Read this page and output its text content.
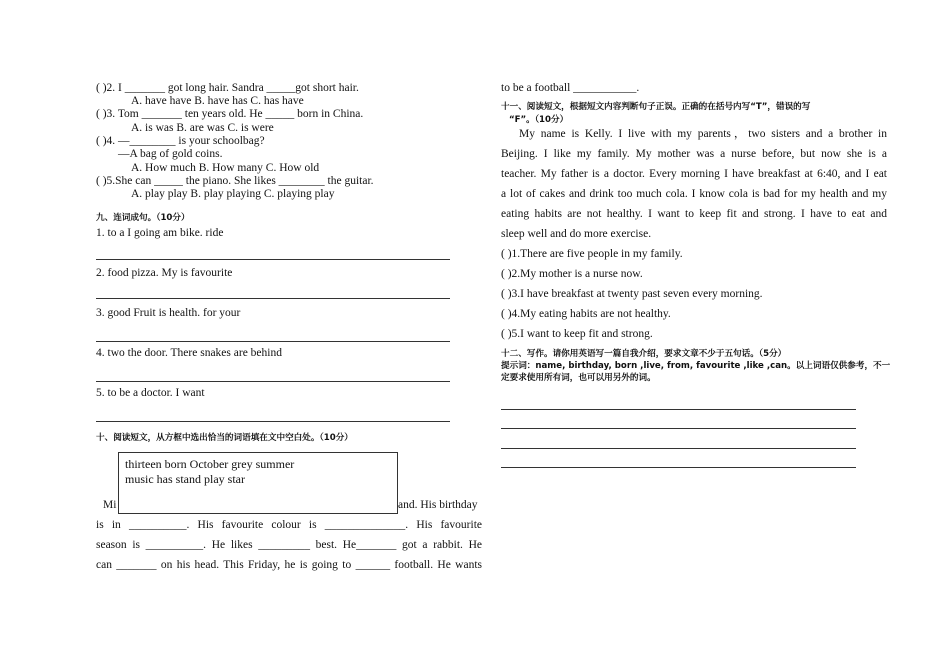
( )2. I _______ got long hair. Sandra _____got short hair.
A. have have B. have has C. has have
( )3. Tom _______ ten years old. He _____ born in China.
A. is was B. are was C. is were
( )4. —________ is your schoolbag?
—A bag of gold coins.
A. How much B. How many C. How old
( )5.She can _____ the piano. She likes ________ the guitar.
A. play play B. play playing C. playing play
九、连词成句。（10分）
1. to a I going am bike. ride
2. food pizza. My is favourite
3. good Fruit is health. for your
4. two the door. There snakes are behind
5. to be a doctor. I want
十、阅读短文，从方框中选出恰当的词语填在文中空白处。（10分）
Mi	and. His birthday
thirteen born October grey summer
music has stand play star
is in __________. His favourite colour is ______________. His favourite
season is __________. He likes _________ best. He_______ got a rabbit. He
can _______ on his head. This Friday, he is going to ______ football. He wants
to be a football ___________.
十一、阅读短文，根据短文内容判断句子正误。正确的在括号内写“T”，错误的写
“F”。（10分）
My name is Kelly. I live with my parents，two sisters and a brother in
Beijing. I like my family. My mother was a nurse before, but now she is a
teacher. My father is a doctor. Every morning I have breakfast at 6:40, and I eat
a lot of cakes and drink too much cola. I know cola is bad for my health and my
eating habits are not healthy. I want to keep fit and strong. I have to eat and
sleep well and do more exercise.
( )1.There are five people in my family.
( )2.My mother is a nurse now.
( )3.I have breakfast at twenty past seven every morning.
( )4.My eating habits are not healthy.
( )5.I want to keep fit and strong.
十二、写作。请你用英语写一篇自我介绍，要求文章不少于五句话。（5分）
提示词：name, birthday, born ,live, from, favourite ,like ,can。以上词语仅供参考，不一
定要求使用所有词，也可以用另外的词。
